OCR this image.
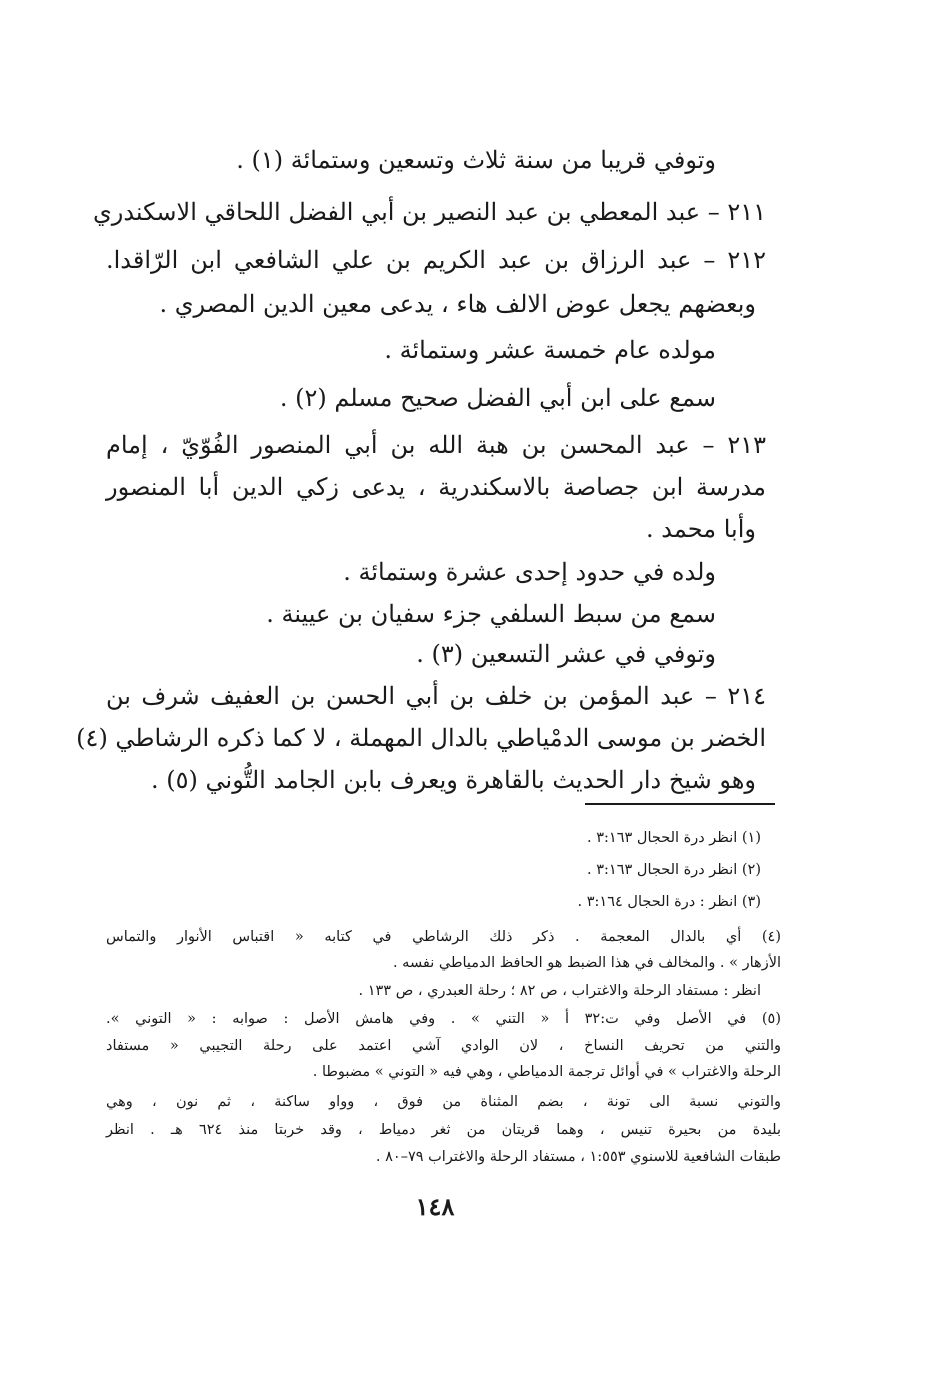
وتوفي قريبا من سنة ثلاث وتسعين وستمائة (١) .
٢١١ – عبد المعطي بن عبد النصير بن أبي الفضل اللحاقي الاسكندري
٢١٢ – عبد الرزاق بن عبد الكريم بن علي الشافعي ابن الرّاقدا.
وبعضهم يجعل عوض الالف هاء ، يدعى معين الدين المصري .
مولده عام خمسة عشر وستمائة .
سمع على ابن أبي الفضل صحيح مسلم (٢) .
٢١٣ – عبد المحسن بن هبة الله بن أبي المنصور الفُوّيّ ، إمام
مدرسة ابن جصاصة بالاسكندرية ، يدعى زكي الدين أبا المنصور
وأبا محمد .
ولده في حدود إحدى عشرة وستمائة .
سمع من سبط السلفي جزء سفيان بن عيينة .
وتوفي في عشر التسعين (٣) .
٢١٤ – عبد المؤمن بن خلف بن أبي الحسن بن العفيف شرف بن
الخضر بن موسى الدمْياطي بالدال المهملة ، لا كما ذكره الرشاطي (٤)
وهو شيخ دار الحديث بالقاهرة ويعرف بابن الجامد التُّوني (٥) .
(١) انظر درة الحجال ٣:١٦٣ .
(٢) انظر درة الحجال ٣:١٦٣ .
(٣) انظر : درة الحجال ٣:١٦٤ .
(٤) أي بالدال المعجمة . ذكر ذلك الرشاطي في كتابه « اقتباس الأنوار والتماس
الأزهار » . والمخالف في هذا الضبط هو الحافظ الدمياطي نفسه .
انظر : مستفاد الرحلة والاغتراب ، ص ٨٢ ؛ رحلة العبدري ، ص ١٣٣ .
(٥) في الأصل وفي ت:٣٢ أ « التني » . وفي هامش الأصل : صوابه : « التوني ».
والتني من تحريف النساخ ، لان الوادي آشي اعتمد على رحلة التجيبي « مستفاد
الرحلة والاغتراب » في أوائل ترجمة الدمياطي ، وهي فيه « التوني » مضبوطا .
والتوني نسبة الى تونة ، بضم المثناة من فوق ، وواو ساكنة ، ثم نون ، وهي
بليدة من بحيرة تنيس ، وهما قريتان من ثغر دمياط ، وقد خربتا منذ ٦٢٤ هـ . انظر
طبقات الشافعية للاسنوي ١:٥٥٣ ، مستفاد الرحلة والاغتراب ٧٩–٨٠ .
١٤٨
